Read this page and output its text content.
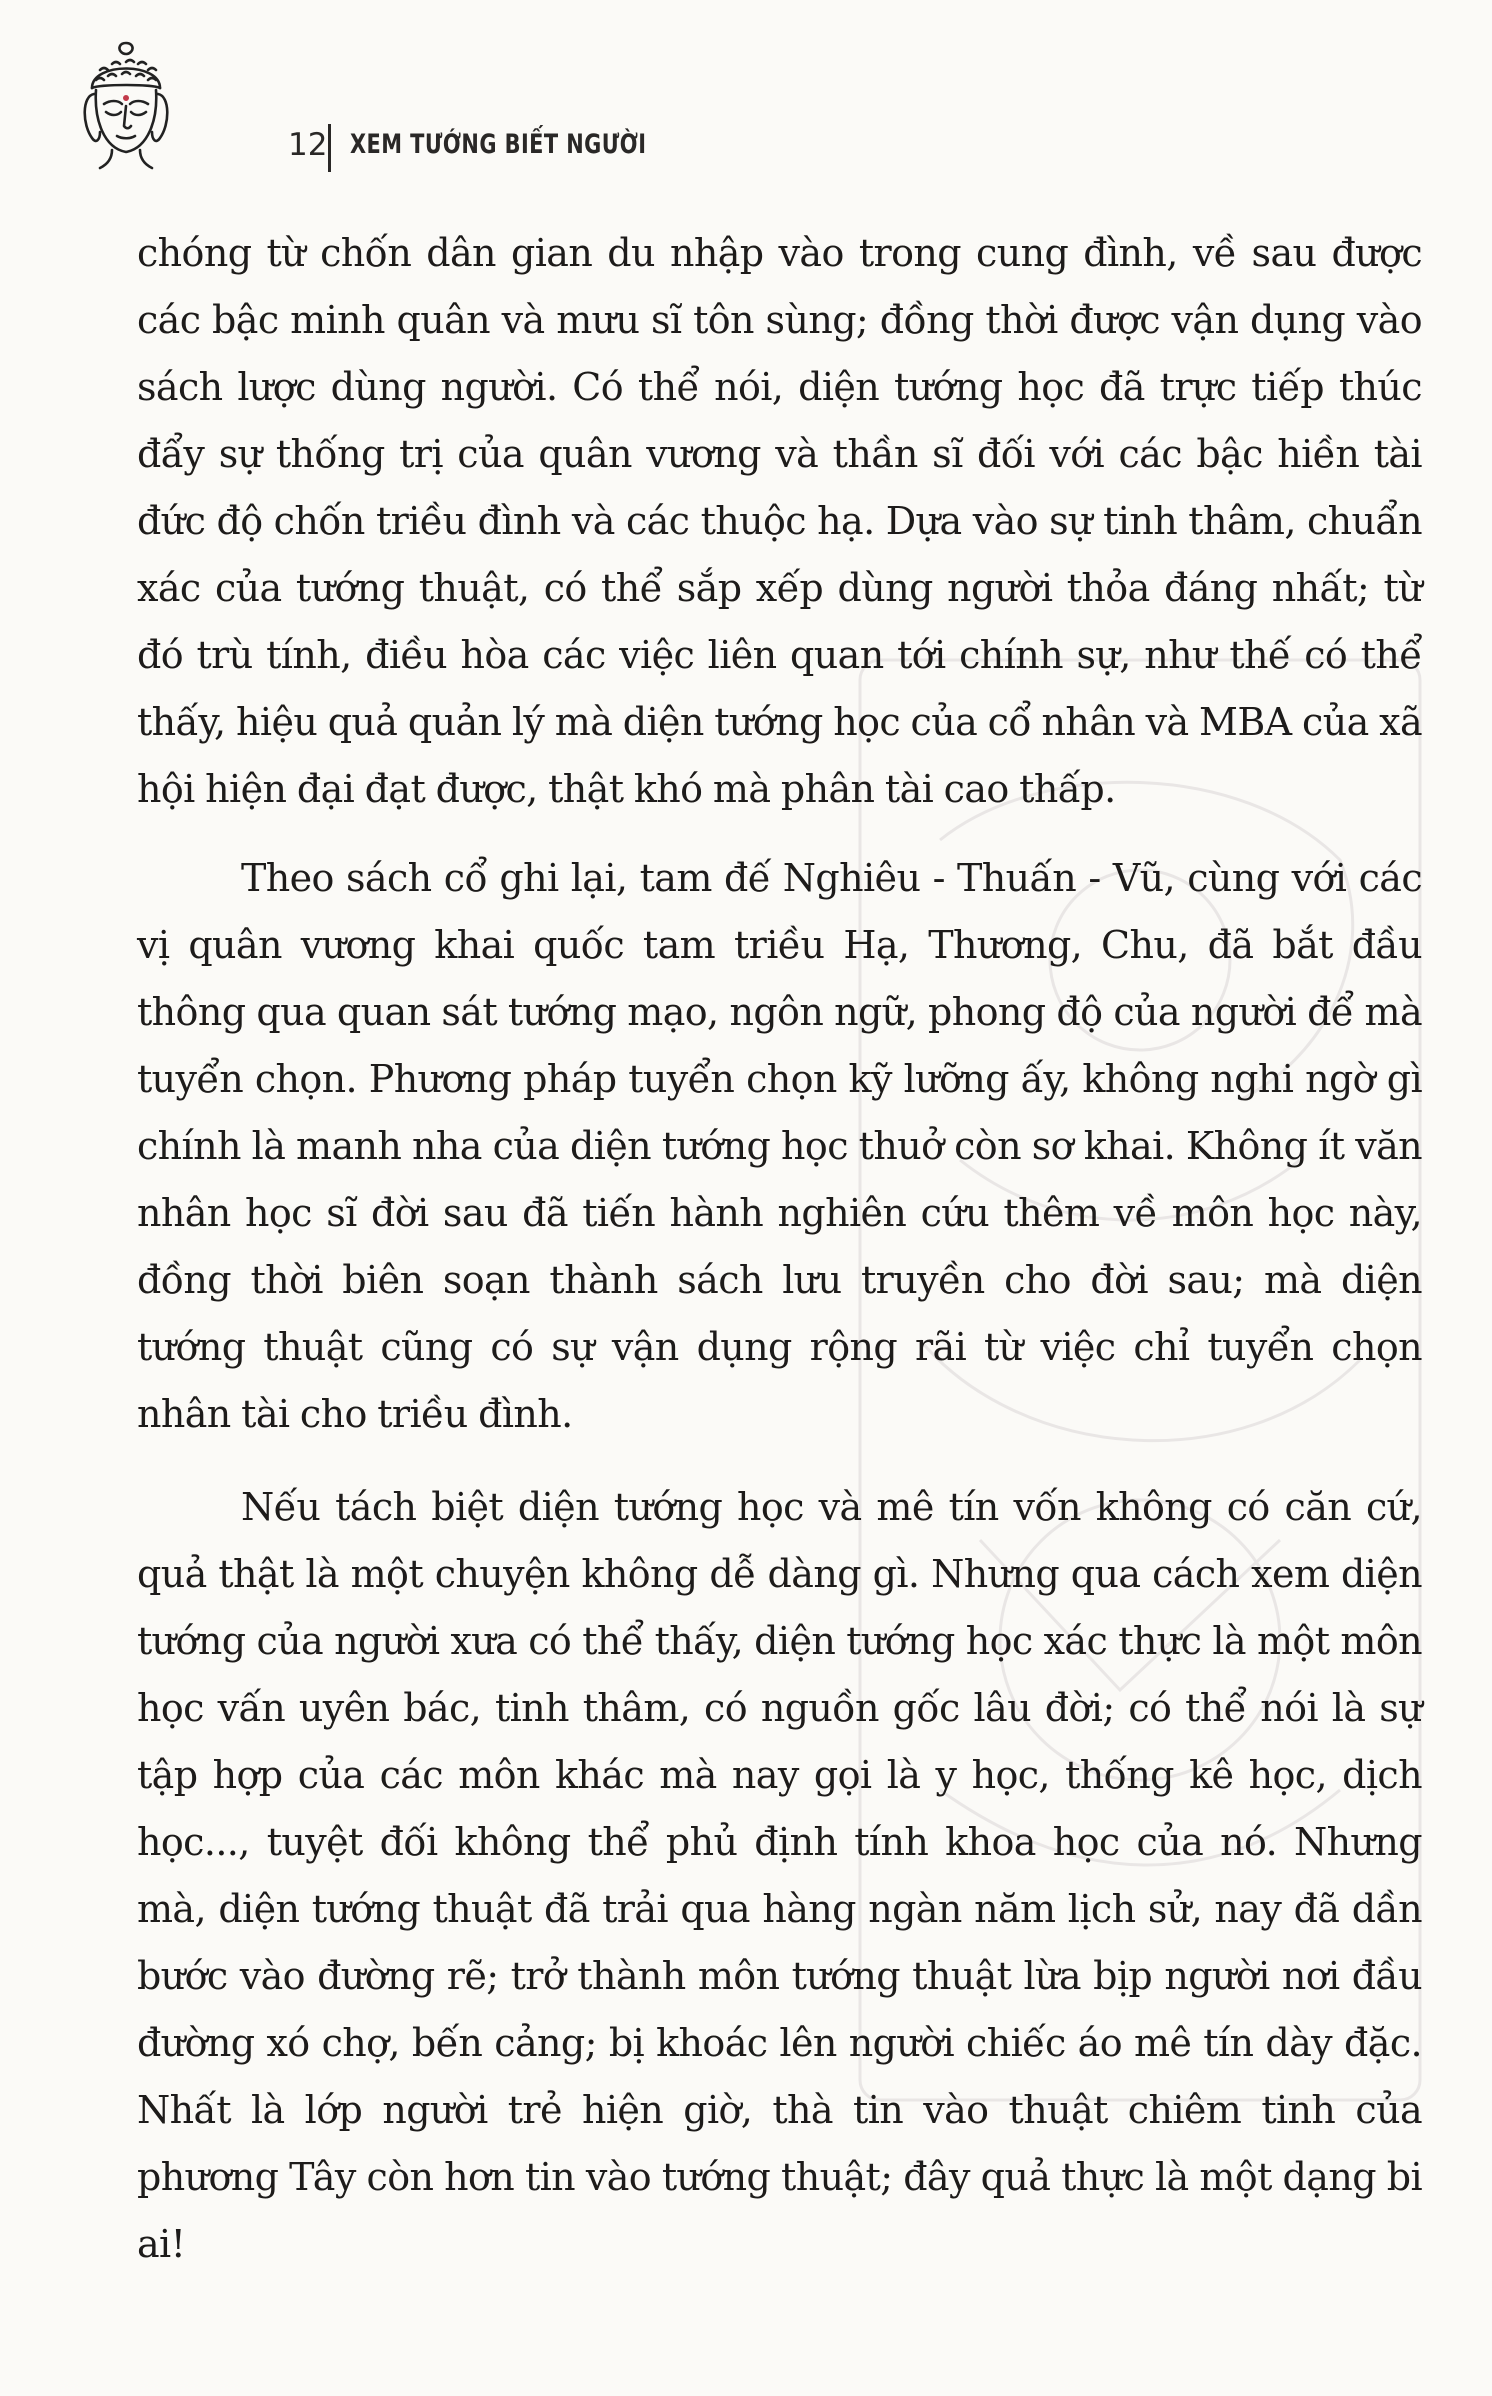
12 XEM TƯỚNG BIẾT NGƯỜI

chóng từ chốn dân gian du nhập vào trong cung đình, về sau được các bậc minh quân và mưu sĩ tôn sùng; đồng thời được vận dụng vào sách lược dùng người. Có thể nói, diện tướng học đã trực tiếp thúc đẩy sự thống trị của quân vương và thần sĩ đối với các bậc hiền tài đức độ chốn triều đình và các thuộc hạ. Dựa vào sự tinh thâm, chuẩn xác của tướng thuật, có thể sắp xếp dùng người thỏa đáng nhất; từ đó trù tính, điều hòa các việc liên quan tới chính sự, như thế có thể thấy, hiệu quả quản lý mà diện tướng học của cổ nhân và MBA của xã hội hiện đại đạt được, thật khó mà phân tài cao thấp.

Theo sách cổ ghi lại, tam đế Nghiêu - Thuấn - Vũ, cùng với các vị quân vương khai quốc tam triều Hạ, Thương, Chu, đã bắt đầu thông qua quan sát tướng mạo, ngôn ngữ, phong độ của người để mà tuyển chọn. Phương pháp tuyển chọn kỹ lưỡng ấy, không nghi ngờ gì chính là manh nha của diện tướng học thuở còn sơ khai. Không ít văn nhân học sĩ đời sau đã tiến hành nghiên cứu thêm về môn học này, đồng thời biên soạn thành sách lưu truyền cho đời sau; mà diện tướng thuật cũng có sự vận dụng rộng rãi từ việc chỉ tuyển chọn nhân tài cho triều đình.

Nếu tách biệt diện tướng học và mê tín vốn không có căn cứ, quả thật là một chuyện không dễ dàng gì. Nhưng qua cách xem diện tướng của người xưa có thể thấy, diện tướng học xác thực là một môn học vấn uyên bác, tinh thâm, có nguồn gốc lâu đời; có thể nói là sự tập hợp của các môn khác mà nay gọi là y học, thống kê học, dịch học..., tuyệt đối không thể phủ định tính khoa học của nó. Nhưng mà, diện tướng thuật đã trải qua hàng ngàn năm lịch sử, nay đã dần bước vào đường rẽ; trở thành môn tướng thuật lừa bịp người nơi đầu đường xó chợ, bến cảng; bị khoác lên người chiếc áo mê tín dày đặc. Nhất là lớp người trẻ hiện giờ, thà tin vào thuật chiêm tinh của phương Tây còn hơn tin vào tướng thuật; đây quả thực là một dạng bi ai!
